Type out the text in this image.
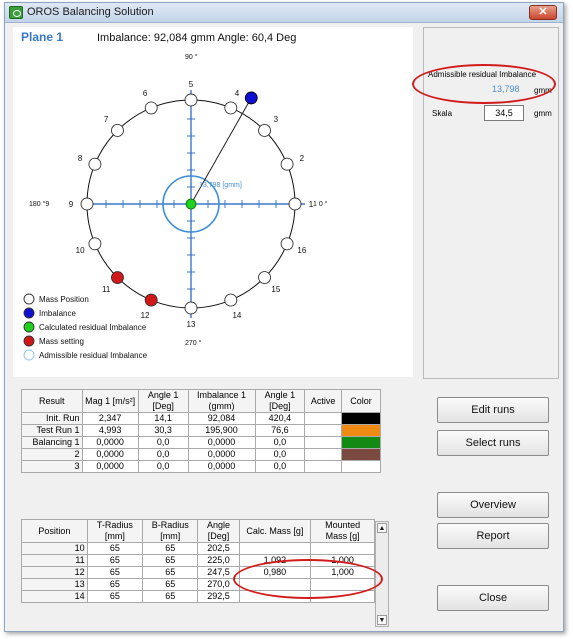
OROS Balancing Solution	✕
Plane 1	Imbalance: 92,084 gmm Angle: 60,4 Deg
1
2
3
4
5
6
7
8
9
10
11
12
13
14
15
16
90 °
180 °9	1 0 °
270 °
13,798 [gmm]
Mass Position
Imbalance
Calculated residual Imbalance
Mass setting
Admissible residual Imbalance
Admissible residual Imbalance
13,798 gmm
Skala	34,5	gmm
Result	Mag 1 [m/s²]	Angle 1 [Deg]	Imbalance 1 (gmm)	Angle 1 [Deg]	Active	Color
Init. Run	2,347	14,1	92,084	420,4		
Test Run 1	4,993	30,3	195,900	76,6		
Balancing 1	0,0000	0,0	0,0000	0,0		
2	0,0000	0,0	0,0000	0,0		
3	0,0000	0,0	0,0000	0,0		
Position	T-Radius [mm]	B-Radius [mm]	Angle [Deg]	Calc. Mass [g]	Mounted Mass [g]
10	65	65	202,5		
11	65	65	225,0	1,092	1,000
12	65	65	247,5	0,980	1,000
13	65	65	270,0		
14	65	65	292,5		
▲
▼
Edit runs
Select runs
Overview
Report
Close
